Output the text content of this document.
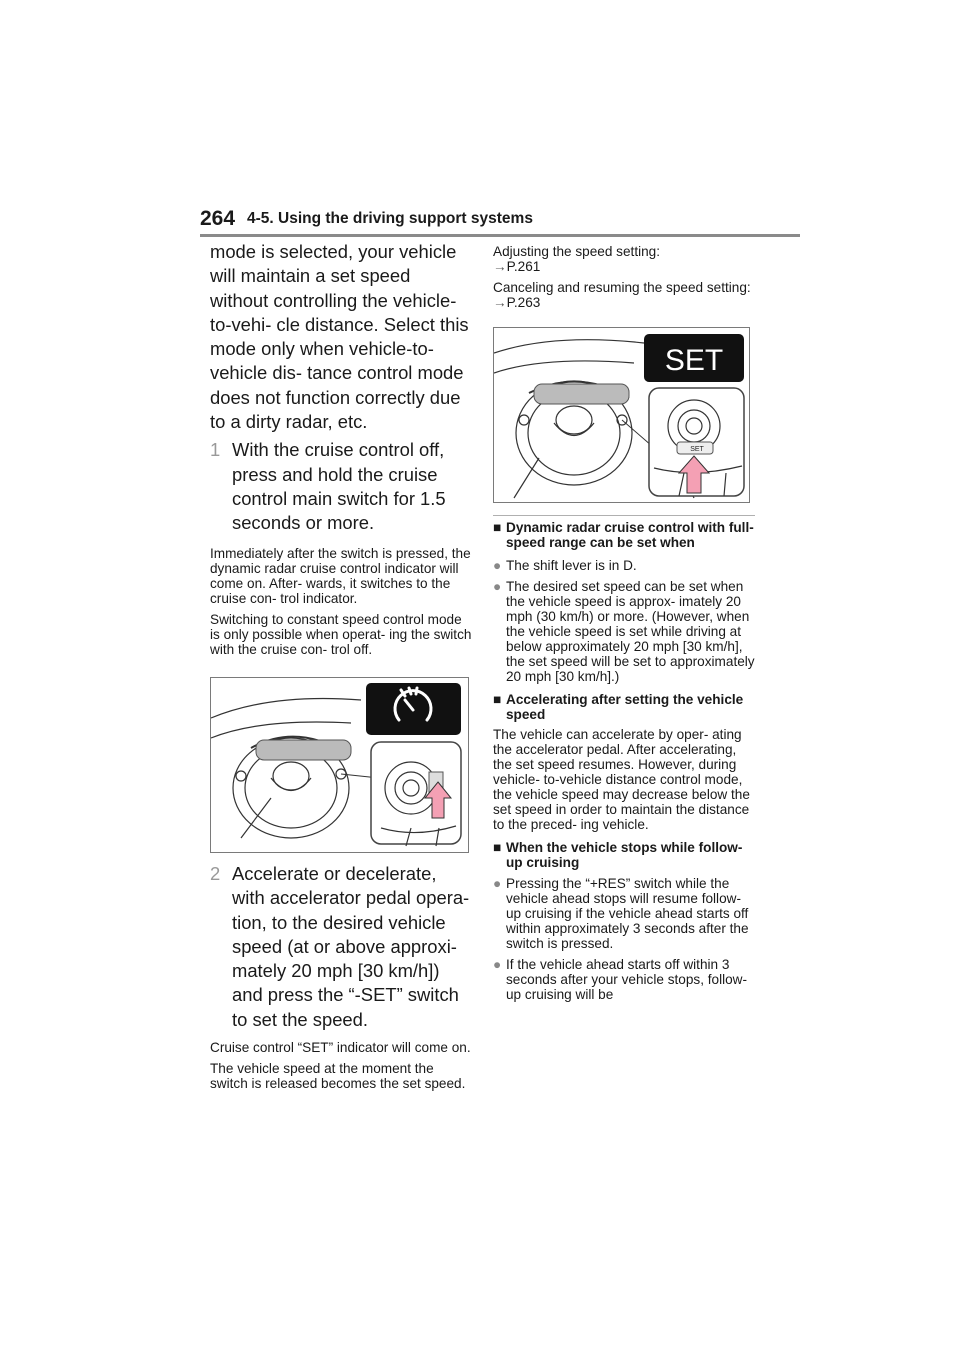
264 4-5. Using the driving support systems

mode is selected, your vehicle will maintain a set speed without controlling the vehicle-to-vehi- cle distance. Select this mode only when vehicle-to-vehicle dis- tance control mode does not function correctly due to a dirty radar, etc.

1 With the cruise control off, press and hold the cruise control main switch for 1.5 seconds or more.

Immediately after the switch is pressed, the dynamic radar cruise control indicator will come on. After- wards, it switches to the cruise con- trol indicator.

Switching to constant speed control mode is only possible when operat- ing the switch with the cruise con- trol off.

2 Accelerate or decelerate, with accelerator pedal opera- tion, to the desired vehicle speed (at or above approxi- mately 20 mph [30 km/h]) and press the “-SET” switch to set the speed.

Cruise control “SET” indicator will come on.

The vehicle speed at the moment the switch is released becomes the set speed.

Adjusting the speed setting:
→P.261

Canceling and resuming the speed setting: →P.263

SET
SET
■ Dynamic radar cruise control with full-speed range can be set when
● The shift lever is in D.
● The desired set speed can be set when the vehicle speed is approx- imately 20 mph (30 km/h) or more. (However, when the vehicle speed is set while driving at below approximately 20 mph [30 km/h], the set speed will be set to approximately 20 mph [30 km/h].)
■ Accelerating after setting the vehicle speed

The vehicle can accelerate by oper- ating the accelerator pedal. After accelerating, the set speed resumes. However, during vehicle- to-vehicle distance control mode, the vehicle speed may decrease below the set speed in order to maintain the distance to the preced- ing vehicle.

■ When the vehicle stops while follow-up cruising
● Pressing the “+RES” switch while the vehicle ahead stops will resume follow-up cruising if the vehicle ahead starts off within approximately 3 seconds after the switch is pressed.
● If the vehicle ahead starts off within 3 seconds after your vehicle stops, follow-up cruising will be
